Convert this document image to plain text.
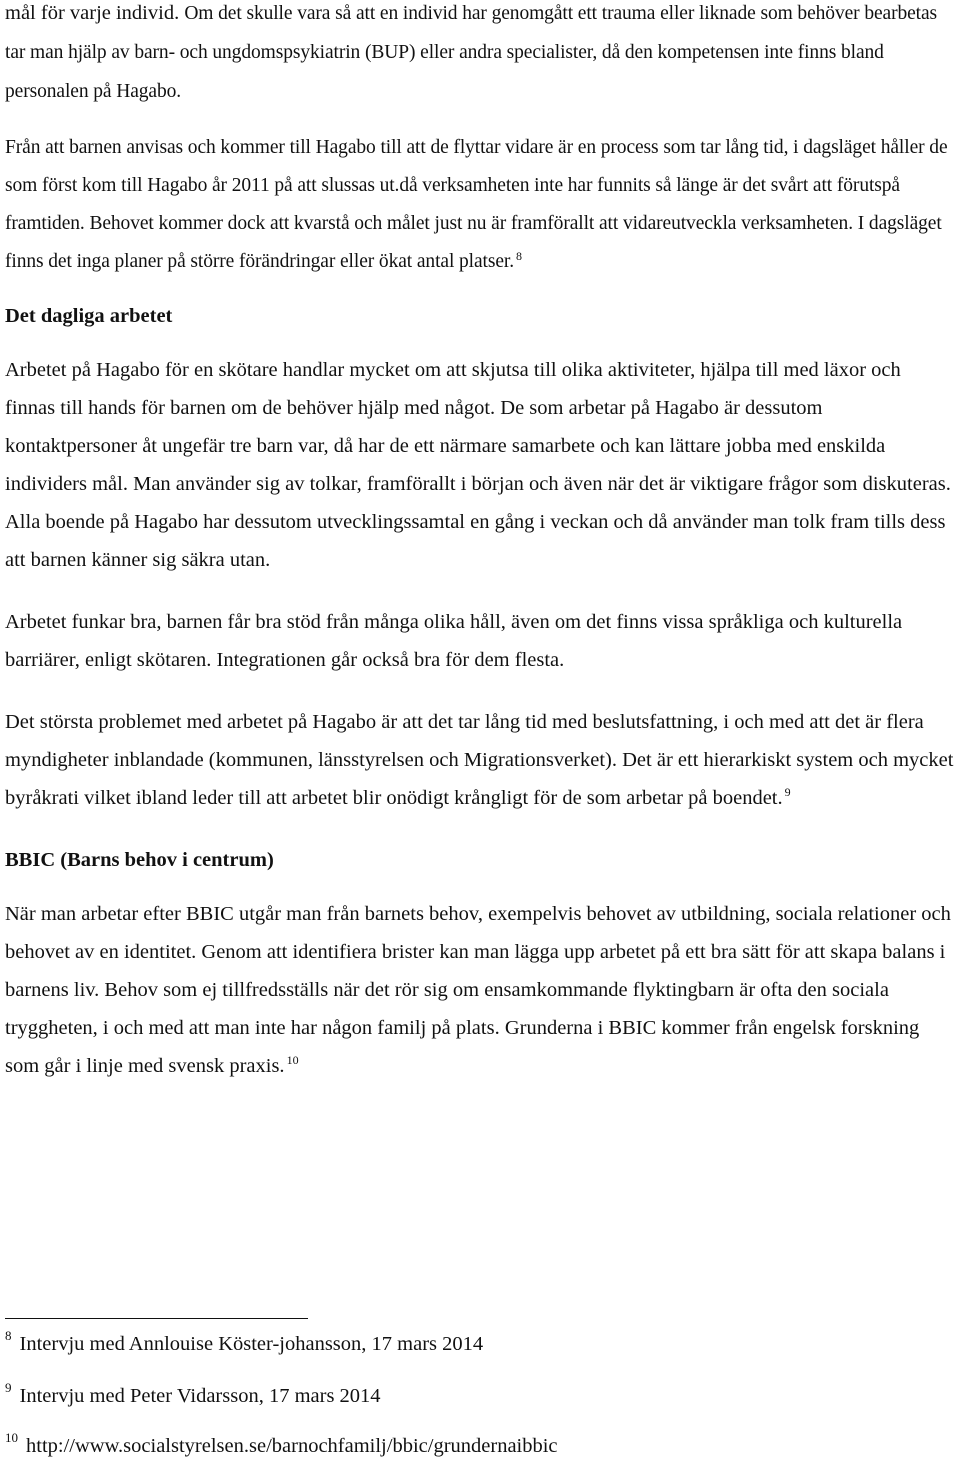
mål för varje individ. Om det skulle vara så att en individ har genomgått ett trauma eller liknade som behöver bearbetas tar man hjälp av barn- och ungdomspsykiatrin (BUP) eller andra specialister, då den kompetensen inte finns bland personalen på Hagabo.

Från att barnen anvisas och kommer till Hagabo till att de flyttar vidare är en process som tar lång tid, i dagsläget håller de som först kom till Hagabo år 2011 på att slussas ut.då verksamheten inte har funnits så länge är det svårt att förutspå framtiden. Behovet kommer dock att kvarstå och målet just nu är framförallt att vidareutveckla verksamheten. I dagsläget finns det inga planer på större förändringar eller ökat antal platser. $^8$

Det dagliga arbetet

Arbetet på Hagabo för en skötare handlar mycket om att skjutsa till olika aktiviteter, hjälpa till med läxor och finnas till hands för barnen om de behöver hjälp med något. De som arbetar på Hagabo är dessutom kontaktpersoner åt ungefär tre barn var, då har de ett närmare samarbete och kan lättare jobba med enskilda individers mål. Man använder sig av tolkar, framförallt i början och även när det är viktigare frågor som diskuteras. Alla boende på Hagabo har dessutom utvecklingssamtal en gång i veckan och då använder man tolk fram tills dess att barnen känner sig säkra utan.

Arbetet funkar bra, barnen får bra stöd från många olika håll, även om det finns vissa språkliga och kulturella barriärer, enligt skötaren. Integrationen går också bra för dem flesta.

Det största problemet med arbetet på Hagabo är att det tar lång tid med beslutsfattning, i och med att det är flera myndigheter inblandade (kommunen, länsstyrelsen och Migrationsverket). Det är ett hierarkiskt system och mycket byråkrati vilket ibland leder till att arbetet blir onödigt krångligt för de som arbetar på boendet. $^9$

BBIC (Barns behov i centrum)

När man arbetar efter BBIC utgår man från barnets behov, exempelvis behovet av utbildning, sociala relationer och behovet av en identitet. Genom att identifiera brister kan man lägga upp arbetet på ett bra sätt för att skapa balans i barnens liv. Behov som ej tillfredsställs när det rör sig om ensamkommande flyktingbarn är ofta den sociala tryggheten, i och med att man inte har någon familj på plats. Grunderna i BBIC kommer från engelsk forskning som går i linje med svensk praxis. $^{10}$

$^8$ Intervju med Annlouise Köster-johansson, 17 mars 2014
$^9$ Intervju med Peter Vidarsson, 17 mars 2014
$^{10}$ http://www.socialstyrelsen.se/barnochfamilj/bbic/grundernaibbic
